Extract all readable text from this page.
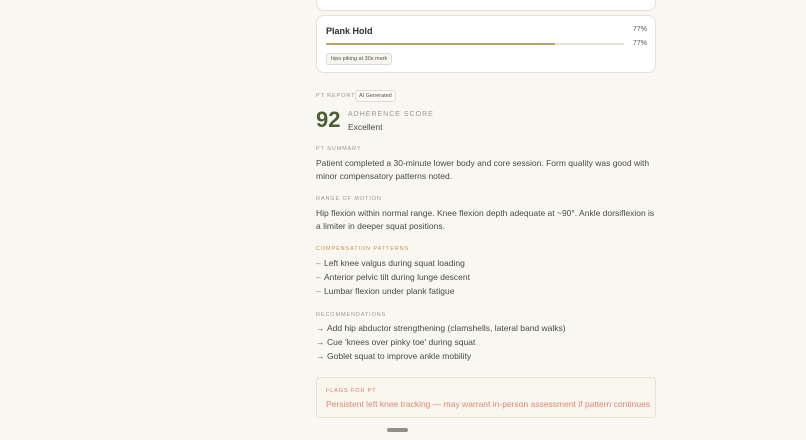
Plank Hold	77%
77%
hips piking at 30s mark
PT REPORT AI Generated
92 ADHERENCE SCORE
Excellent
PT SUMMARY
Patient completed a 30-minute lower body and core session. Form quality was good with minor compensatory patterns noted.
RANGE OF MOTION
Hip flexion within normal range. Knee flexion depth adequate at ~90°. Ankle dorsiflexion is a limiter in deeper squat positions.
COMPENSATION PATTERNS
– Left knee valgus during squat loading
– Anterior pelvic tilt during lunge descent
– Lumbar flexion under plank fatigue
RECOMMENDATIONS
→ Add hip abductor strengthening (clamshells, lateral band walks)
→ Cue 'knees over pinky toe' during squat
→ Goblet squat to improve ankle mobility
FLAGS FOR PT
Persistent left knee tracking — may warrant in-person assessment if pattern continues
